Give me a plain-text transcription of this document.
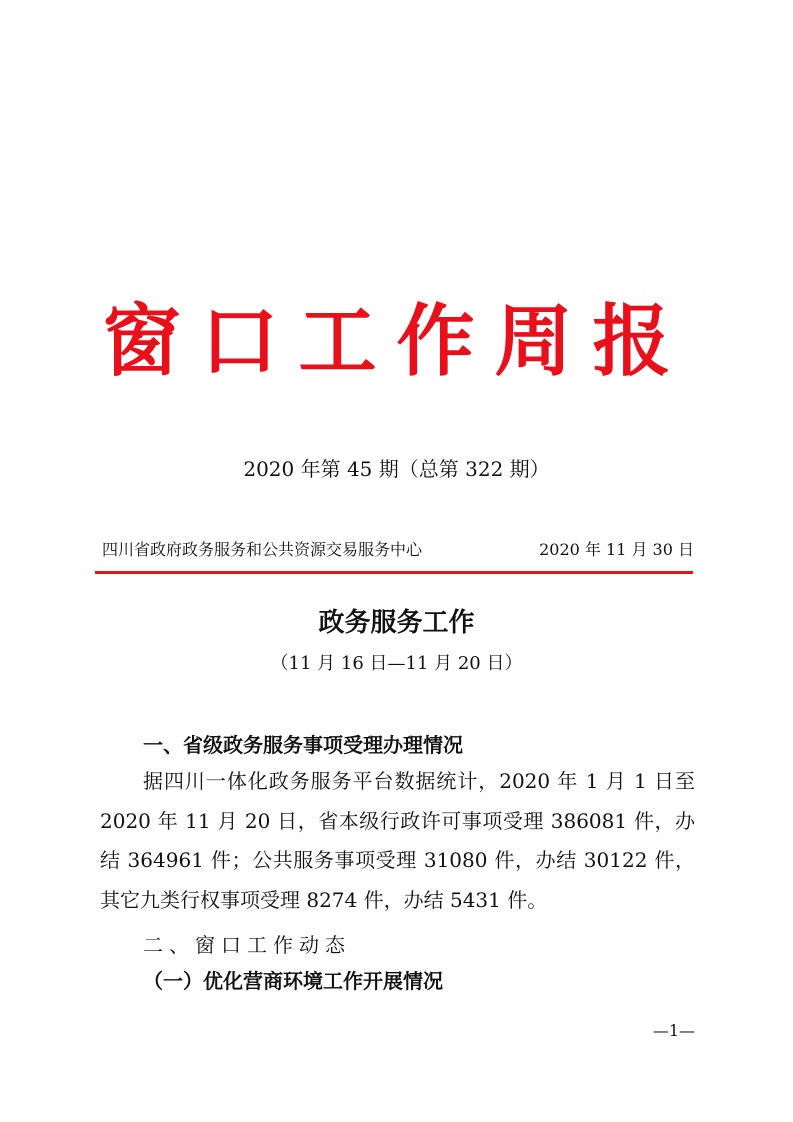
窗口工作周报
2020 年第 45 期（总第 322 期）
四川省政府政务服务和公共资源交易服务中心	2020 年 11 月 30 日
政务服务工作
（11 月 16 日—11 月 20 日）
一、省级政务服务事项受理办理情况
据四川一体化政务服务平台数据统计，2020 年 1 月 1 日至 2020 年 11 月 20 日，省本级行政许可事项受理 386081 件，办结 364961 件；公共服务事项受理 31080 件，办结 30122 件，其它九类行权事项受理 8274 件，办结 5431 件。
二、窗口工作动态
（一）优化营商环境工作开展情况
—1—
